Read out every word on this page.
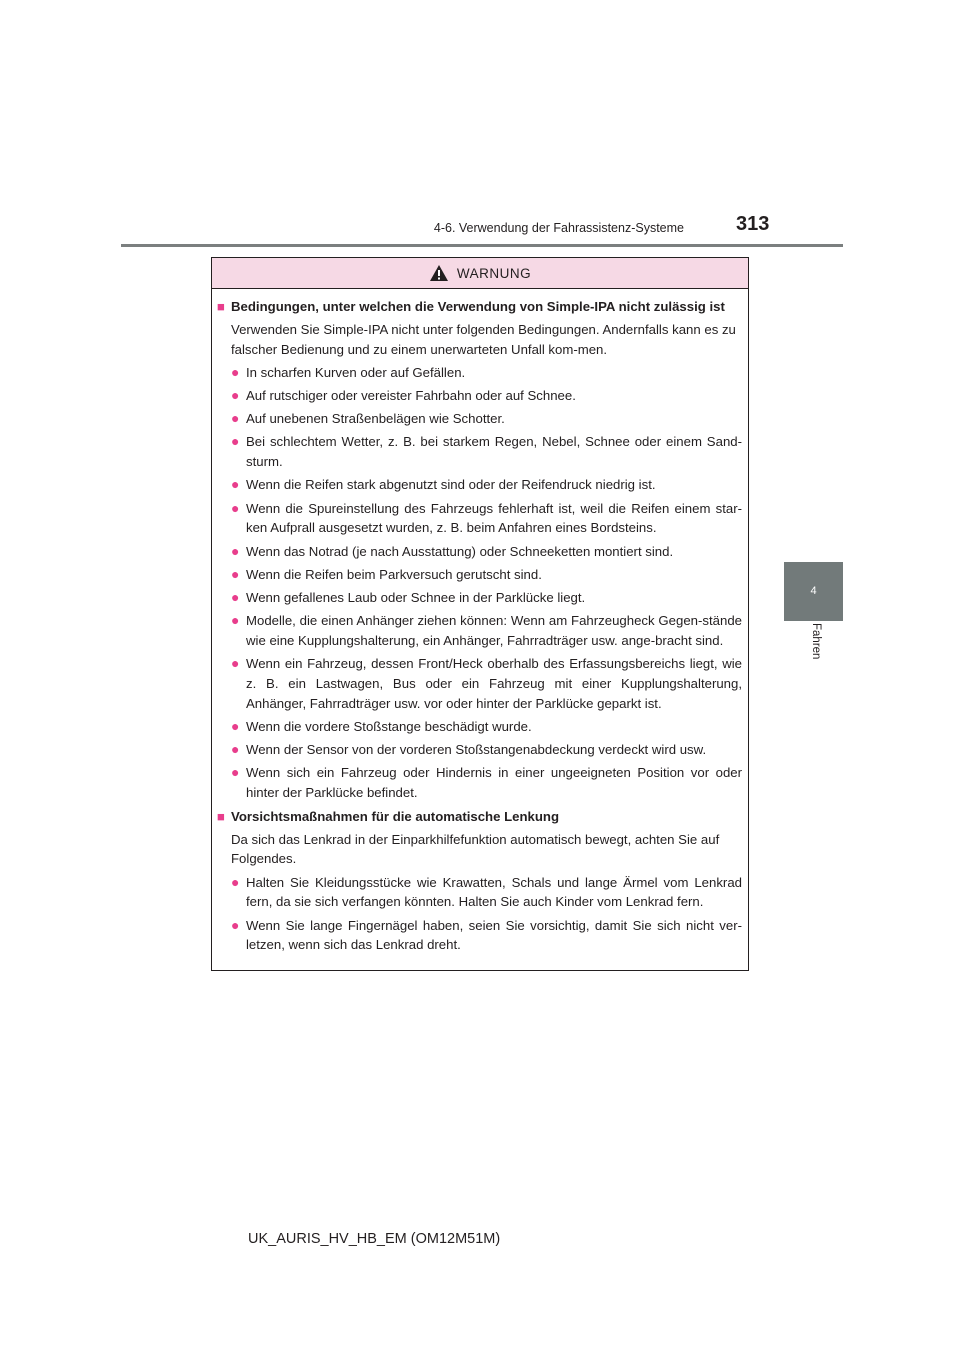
4-6. Verwendung der Fahrassistenz-Systeme	313
4
Fahren
WARNUNG
■ Bedingungen, unter welchen die Verwendung von Simple-IPA nicht zulässig ist
Verwenden Sie Simple-IPA nicht unter folgenden Bedingungen. Andernfalls kann es zu falscher Bedienung und zu einem unerwarteten Unfall kom-men.
● In scharfen Kurven oder auf Gefällen.
● Auf rutschiger oder vereister Fahrbahn oder auf Schnee.
● Auf unebenen Straßenbelägen wie Schotter.
● Bei schlechtem Wetter, z. B. bei starkem Regen, Nebel, Schnee oder einem Sand-sturm.
● Wenn die Reifen stark abgenutzt sind oder der Reifendruck niedrig ist.
● Wenn die Spureinstellung des Fahrzeugs fehlerhaft ist, weil die Reifen einem star-ken Aufprall ausgesetzt wurden, z. B. beim Anfahren eines Bordsteins.
● Wenn das Notrad (je nach Ausstattung) oder Schneeketten montiert sind.
● Wenn die Reifen beim Parkversuch gerutscht sind.
● Wenn gefallenes Laub oder Schnee in der Parklücke liegt.
● Modelle, die einen Anhänger ziehen können: Wenn am Fahrzeugheck Gegen-stände wie eine Kupplungshalterung, ein Anhänger, Fahrradträger usw. ange-bracht sind.
● Wenn ein Fahrzeug, dessen Front/Heck oberhalb des Erfassungsbereichs liegt, wie z. B. ein Lastwagen, Bus oder ein Fahrzeug mit einer Kupplungshalterung, Anhänger, Fahrradträger usw. vor oder hinter der Parklücke geparkt ist.
● Wenn die vordere Stoßstange beschädigt wurde.
● Wenn der Sensor von der vorderen Stoßstangenabdeckung verdeckt wird usw.
● Wenn sich ein Fahrzeug oder Hindernis in einer ungeeigneten Position vor oder hinter der Parklücke befindet.
■ Vorsichtsmaßnahmen für die automatische Lenkung
Da sich das Lenkrad in der Einparkhilfefunktion automatisch bewegt, achten Sie auf Folgendes.
● Halten Sie Kleidungsstücke wie Krawatten, Schals und lange Ärmel vom Lenkrad fern, da sie sich verfangen könnten. Halten Sie auch Kinder vom Lenkrad fern.
● Wenn Sie lange Fingernägel haben, seien Sie vorsichtig, damit Sie sich nicht ver-letzen, wenn sich das Lenkrad dreht.
UK_AURIS_HV_HB_EM (OM12M51M)
